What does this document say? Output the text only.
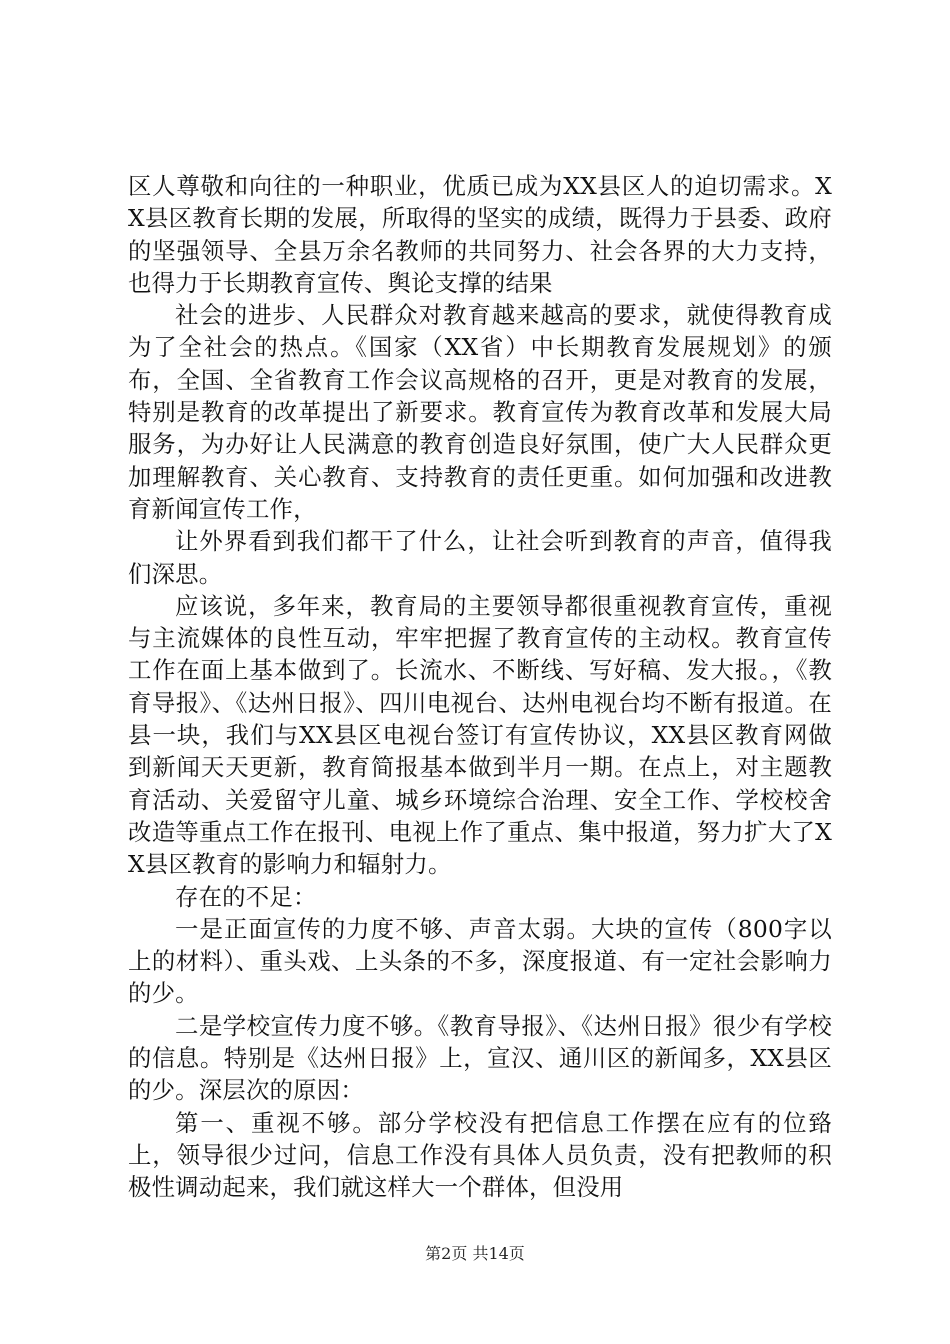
区人尊敬和向往的一种职业，优质已成为XX县区人的迫切需求。XX县区教育长期的发展，所取得的坚实的成绩，既得力于县委、政府的坚强领导、全县万余名教师的共同努力、社会各界的大力支持，也得力于长期教育宣传、舆论支撑的结果

社会的进步、人民群众对教育越来越高的要求，就使得教育成为了全社会的热点。《国家（XX省）中长期教育发展规划》的颁布，全国、全省教育工作会议高规格的召开，更是对教育的发展，特别是教育的改革提出了新要求。教育宣传为教育改革和发展大局服务，为办好让人民满意的教育创造良好氛围，使广大人民群众更加理解教育、关心教育、支持教育的责任更重。如何加强和改进教育新闻宣传工作，

让外界看到我们都干了什么，让社会听到教育的声音，值得我们深思。

应该说，多年来，教育局的主要领导都很重视教育宣传，重视与主流媒体的良性互动，牢牢把握了教育宣传的主动权。教育宣传工作在面上基本做到了。长流水、不断线、写好稿、发大报。，《教育导报》、《达州日报》、四川电视台、达州电视台均不断有报道。在县一块，我们与XX县区电视台签订有宣传协议，XX县区教育网做到新闻天天更新，教育简报基本做到半月一期。在点上，对主题教育活动、关爱留守儿童、城乡环境综合治理、安全工作、学校校舍改造等重点工作在报刊、电视上作了重点、集中报道，努力扩大了XX县区教育的影响力和辐射力。

存在的不足：

一是正面宣传的力度不够、声音太弱。大块的宣传（800字以上的材料）、重头戏、上头条的不多，深度报道、有一定社会影响力的少。

二是学校宣传力度不够。《教育导报》、《达州日报》很少有学校的信息。特别是《达州日报》上，宣汉、通川区的新闻多，XX县区的少。深层次的原因：

第一、重视不够。部分学校没有把信息工作摆在应有的位臵上，领导很少过问，信息工作没有具体人员负责，没有把教师的积极性调动起来，我们就这样大一个群体，但没用

第2页 共14页
